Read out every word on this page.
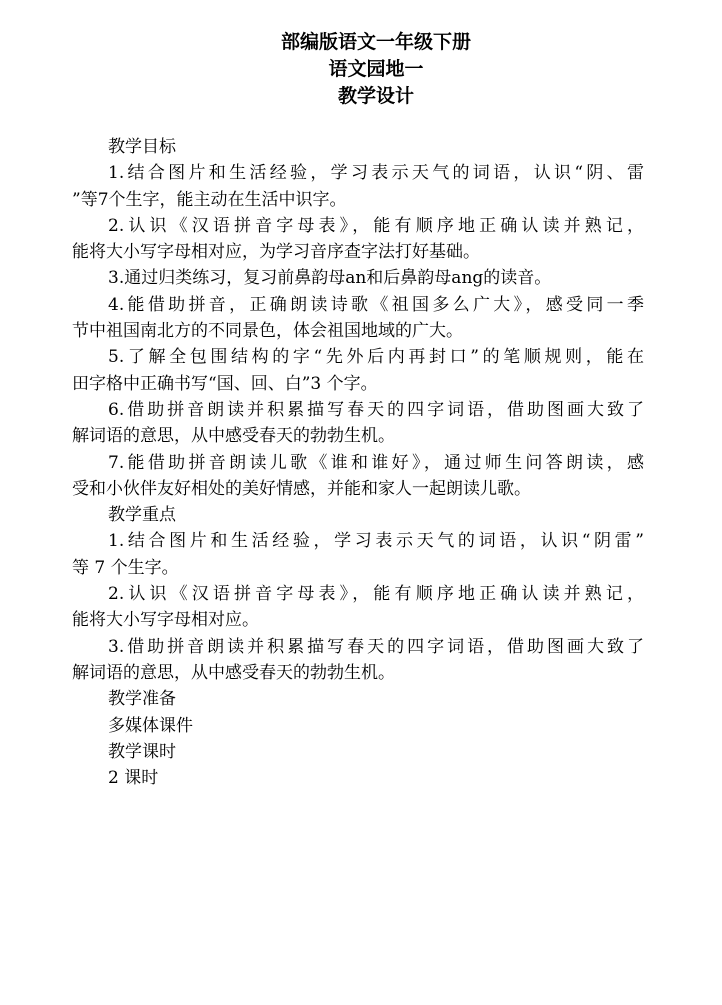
部编版语文一年级下册
语文园地一
教学设计
教学目标
1.结合图片和生活经验，学习表示天气的词语，认识“阴、雷
”等7个生字，能主动在生活中识字。
2.认识《汉语拼音字母表》，能有顺序地正确认读并熟记，
能将大小写字母相对应，为学习音序查字法打好基础。
3.通过归类练习，复习前鼻韵母an和后鼻韵母ang的读音。
4.能借助拼音，正确朗读诗歌《祖国多么广大》，感受同一季
节中祖国南北方的不同景色，体会祖国地域的广大。
5.了解全包围结构的字“先外后内再封口”的笔顺规则，能在
田字格中正确书写“国、回、白”3 个字。
6.借助拼音朗读并积累描写春天的四字词语，借助图画大致了
解词语的意思，从中感受春天的勃勃生机。
7.能借助拼音朗读儿歌《谁和谁好》，通过师生问答朗读，感
受和小伙伴友好相处的美好情感，并能和家人一起朗读儿歌。
教学重点
1.结合图片和生活经验，学习表示天气的词语，认识“阴雷”
等 7 个生字。
2.认识《汉语拼音字母表》，能有顺序地正确认读并熟记，
能将大小写字母相对应。
3.借助拼音朗读并积累描写春天的四字词语，借助图画大致了
解词语的意思，从中感受春天的勃勃生机。
教学准备
多媒体课件
教学课时
2 课时
